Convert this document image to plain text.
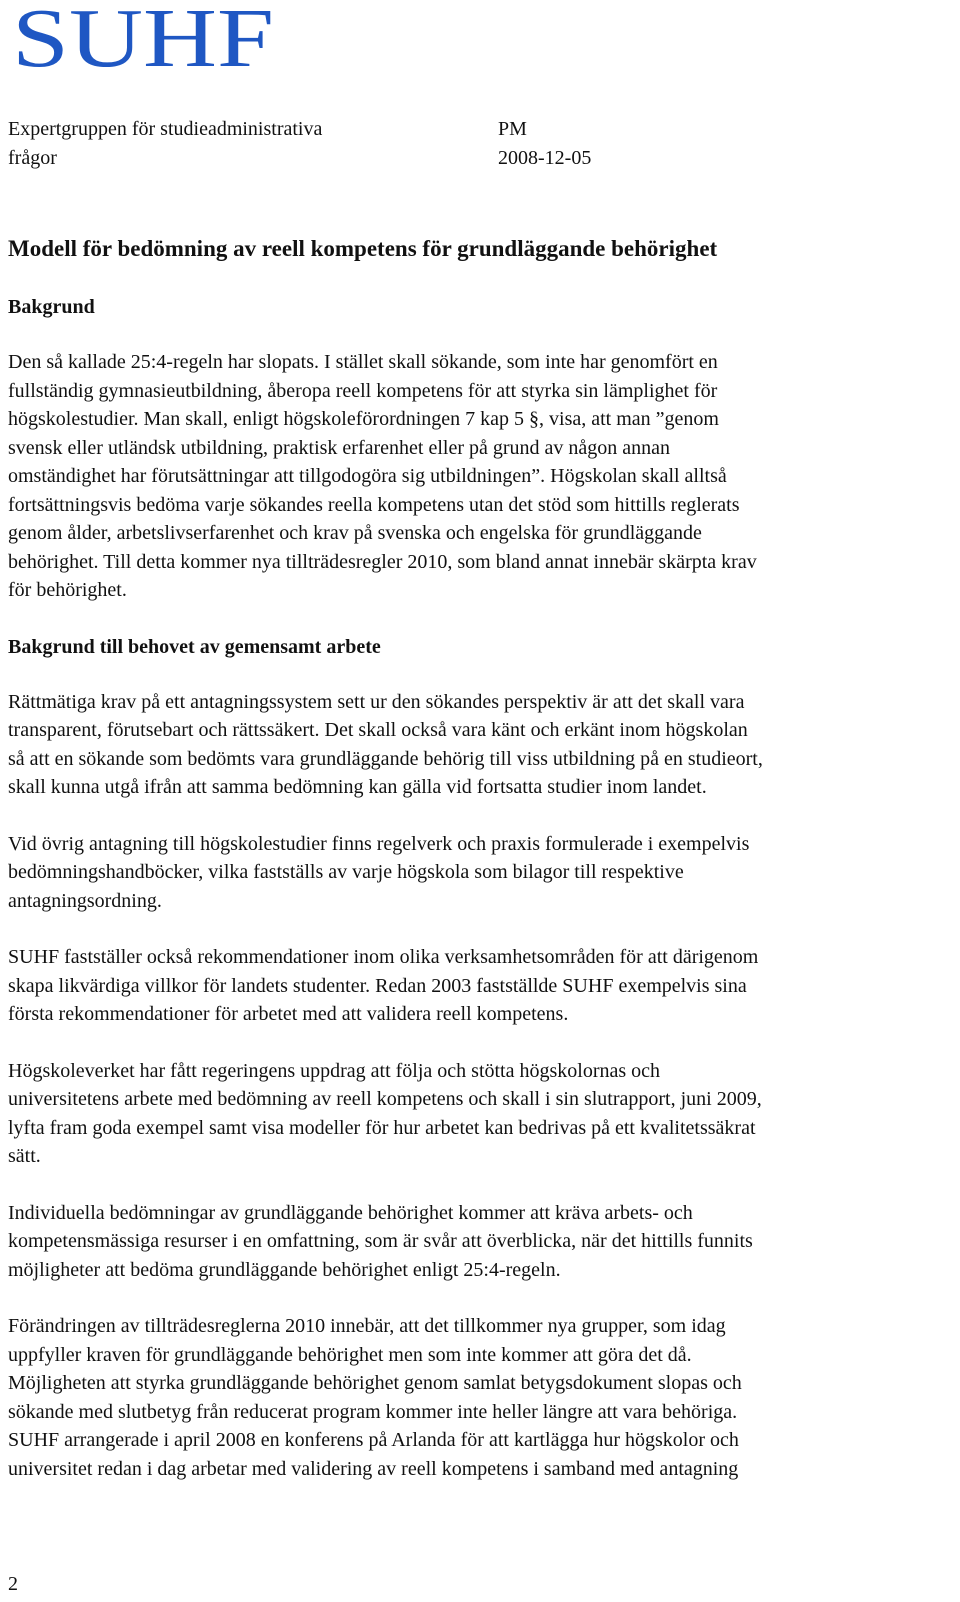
SUHF
Expertgruppen för studieadministrativa
frågor
PM
2008-12-05
Modell för bedömning av reell kompetens för grundläggande behörighet
Bakgrund

Den så kallade 25:4-regeln har slopats. I stället skall sökande, som inte har genomfört en
fullständig gymnasieutbildning, åberopa reell kompetens för att styrka sin lämplighet för
högskolestudier. Man skall, enligt högskoleförordningen 7 kap 5 §, visa, att man ”genom
svensk eller utländsk utbildning, praktisk erfarenhet eller på grund av någon annan
omständighet har förutsättningar att tillgodogöra sig utbildningen”. Högskolan skall alltså
fortsättningsvis bedöma varje sökandes reella kompetens utan det stöd som hittills reglerats
genom ålder, arbetslivserfarenhet och krav på svenska och engelska för grundläggande
behörighet. Till detta kommer nya tillträdesregler 2010, som bland annat innebär skärpta krav
för behörighet.

Bakgrund till behovet av gemensamt arbete

Rättmätiga krav på ett antagningssystem sett ur den sökandes perspektiv är att det skall vara
transparent, förutsebart och rättssäkert. Det skall också vara känt och erkänt inom högskolan
så att en sökande som bedömts vara grundläggande behörig till viss utbildning på en studieort,
skall kunna utgå ifrån att samma bedömning kan gälla vid fortsatta studier inom landet.

Vid övrig antagning till högskolestudier finns regelverk och praxis formulerade i exempelvis
bedömningshandböcker, vilka fastställs av varje högskola som bilagor till respektive
antagningsordning.

SUHF fastställer också rekommendationer inom olika verksamhetsområden för att därigenom
skapa likvärdiga villkor för landets studenter. Redan 2003 fastställde SUHF exempelvis sina
första rekommendationer för arbetet med att validera reell kompetens.

Högskoleverket har fått regeringens uppdrag att följa och stötta högskolornas och
universitetens arbete med bedömning av reell kompetens och skall i sin slutrapport, juni 2009,
lyfta fram goda exempel samt visa modeller för hur arbetet kan bedrivas på ett kvalitetssäkrat
sätt.

Individuella bedömningar av grundläggande behörighet kommer att kräva arbets- och
kompetensmässiga resurser i en omfattning, som är svår att överblicka, när det hittills funnits
möjligheter att bedöma grundläggande behörighet enligt 25:4-regeln.

Förändringen av tillträdesreglerna 2010 innebär, att det tillkommer nya grupper, som idag
uppfyller kraven för grundläggande behörighet men som inte kommer att göra det då.
Möjligheten att styrka grundläggande behörighet genom samlat betygsdokument slopas och
sökande med slutbetyg från reducerat program kommer inte heller längre att vara behöriga.
SUHF arrangerade i april 2008 en konferens på Arlanda för att kartlägga hur högskolor och
universitet redan i dag arbetar med validering av reell kompetens i samband med antagning

2
